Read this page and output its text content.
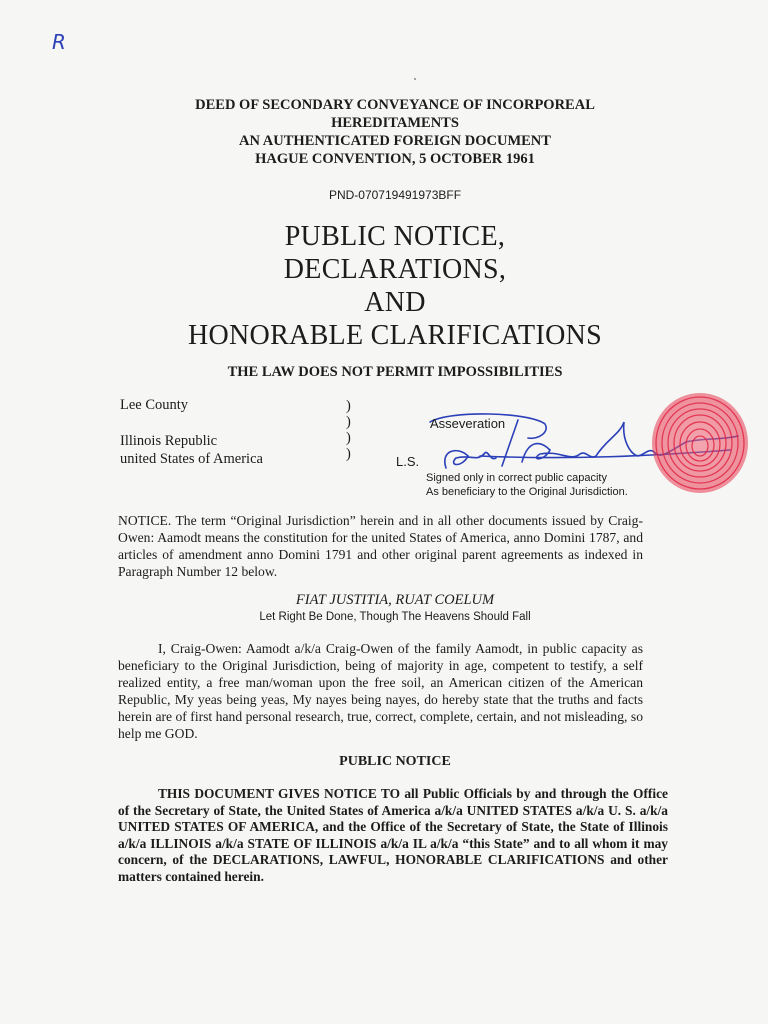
R
DEED OF SECONDARY CONVEYANCE OF INCORPOREAL
HEREDITAMENTS
AN AUTHENTICATED FOREIGN DOCUMENT
HAGUE CONVENTION, 5 OCTOBER 1961
PND-070719491973BFF
PUBLIC NOTICE,
DECLARATIONS,
AND
HONORABLE CLARIFICATIONS
THE LAW DOES NOT PERMIT IMPOSSIBILITIES
Lee County
Illinois Republic
united States of America
)
)
)
)
Asseveration
L.S.
Signed only in correct public capacity
As beneficiary to the Original Jurisdiction.
NOTICE. The term “Original Jurisdiction” herein and in all other documents issued by Craig-Owen: Aamodt means the constitution for the united States of America, anno Domini 1787, and articles of amendment anno Domini 1791 and other original parent agreements as indexed in Paragraph Number 12 below.
FIAT JUSTITIA, RUAT COELUM
Let Right Be Done, Though The Heavens Should Fall
I, Craig-Owen: Aamodt a/k/a Craig-Owen of the family Aamodt, in public capacity as beneficiary to the Original Jurisdiction, being of majority in age, competent to testify, a self realized entity, a free man/woman upon the free soil, an American citizen of the American Republic, My yeas being yeas, My nayes being nayes, do hereby state that the truths and facts herein are of first hand personal research, true, correct, complete, certain, and not misleading, so help me GOD.
PUBLIC NOTICE
THIS DOCUMENT GIVES NOTICE TO all Public Officials by and through the Office of the Secretary of State, the United States of America a/k/a UNITED STATES a/k/a U. S. a/k/a UNITED STATES OF AMERICA, and the Office of the Secretary of State, the State of Illinois a/k/a ILLINOIS a/k/a STATE OF ILLINOIS a/k/a IL a/k/a “this State” and to all whom it may concern, of the DECLARATIONS, LAWFUL, HONORABLE CLARIFICATIONS and other matters contained herein.
